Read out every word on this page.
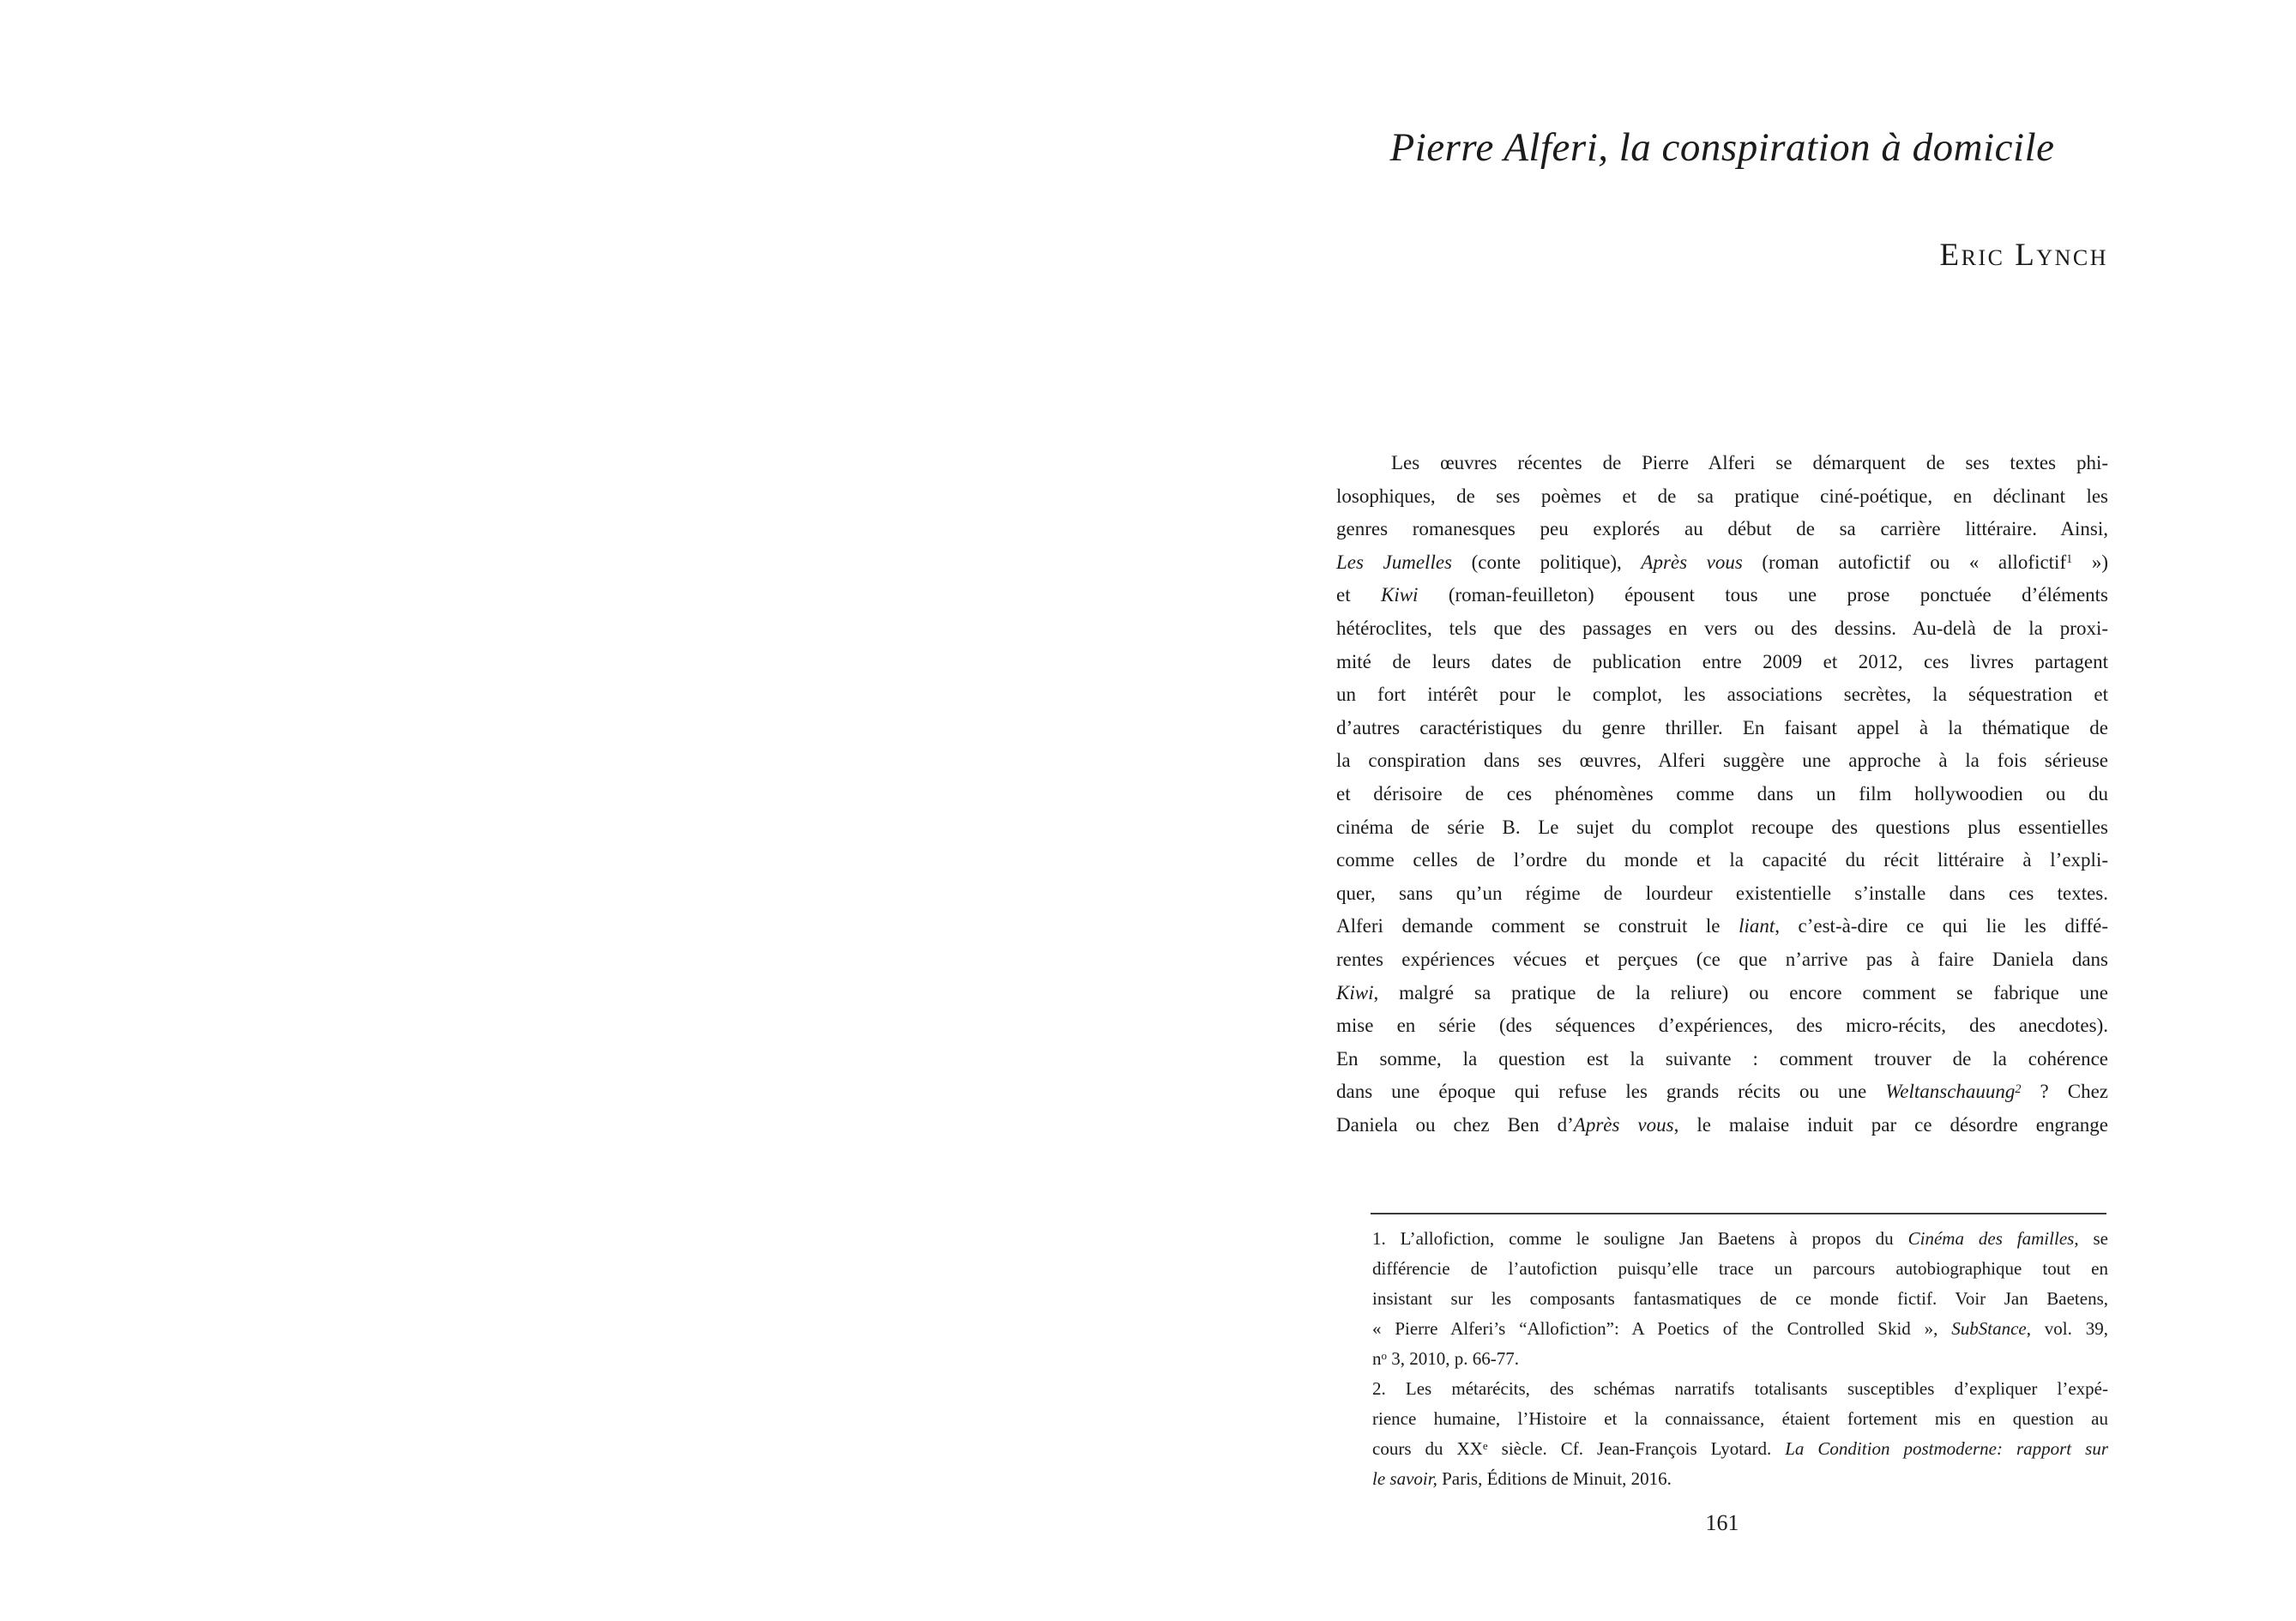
Pierre Alferi, la conspiration à domicile
Eric Lynch
Les œuvres récentes de Pierre Alferi se démarquent de ses textes phi-
losophiques, de ses poèmes et de sa pratique ciné-poétique, en déclinant les
genres romanesques peu explorés au début de sa carrière littéraire. Ainsi,
Les Jumelles (conte politique), Après vous (roman autofictif ou « allofictif$^1$ »)
et Kiwi (roman-feuilleton) épousent tous une prose ponctuée d’éléments
hétéroclites, tels que des passages en vers ou des dessins. Au-delà de la proxi-
mité de leurs dates de publication entre 2009 et 2012, ces livres partagent
un fort intérêt pour le complot, les associations secrètes, la séquestration et
d’autres caractéristiques du genre thriller. En faisant appel à la thématique de
la conspiration dans ses œuvres, Alferi suggère une approche à la fois sérieuse
et dérisoire de ces phénomènes comme dans un film hollywoodien ou du
cinéma de série B. Le sujet du complot recoupe des questions plus essentielles
comme celles de l’ordre du monde et la capacité du récit littéraire à l’expli-
quer, sans qu’un régime de lourdeur existentielle s’installe dans ces textes.
Alferi demande comment se construit le liant, c’est-à-dire ce qui lie les diffé-
rentes expériences vécues et perçues (ce que n’arrive pas à faire Daniela dans
Kiwi, malgré sa pratique de la reliure) ou encore comment se fabrique une
mise en série (des séquences d’expériences, des micro-récits, des anecdotes).
En somme, la question est la suivante : comment trouver de la cohérence
dans une époque qui refuse les grands récits ou une Weltanschauung$^2$ ? Chez
Daniela ou chez Ben d’Après vous, le malaise induit par ce désordre engrange
1. L’allofiction, comme le souligne Jan Baetens à propos du Cinéma des familles, se
différencie de l’autofiction puisqu’elle trace un parcours autobiographique tout en
insistant sur les composants fantasmatiques de ce monde fictif. Voir Jan Baetens,
« Pierre Alferi’s “Allofiction”: A Poetics of the Controlled Skid », SubStance, vol. 39,
$n^o$ 3, 2010, p. 66-77.
2. Les métarécits, des schémas narratifs totalisants susceptibles d’expliquer l’expé-
rience humaine, l’Histoire et la connaissance, étaient fortement mis en question au
cours du XXe siècle. Cf. Jean-François Lyotard. La Condition postmoderne: rapport sur
le savoir, Paris, Éditions de Minuit, 2016.
161
